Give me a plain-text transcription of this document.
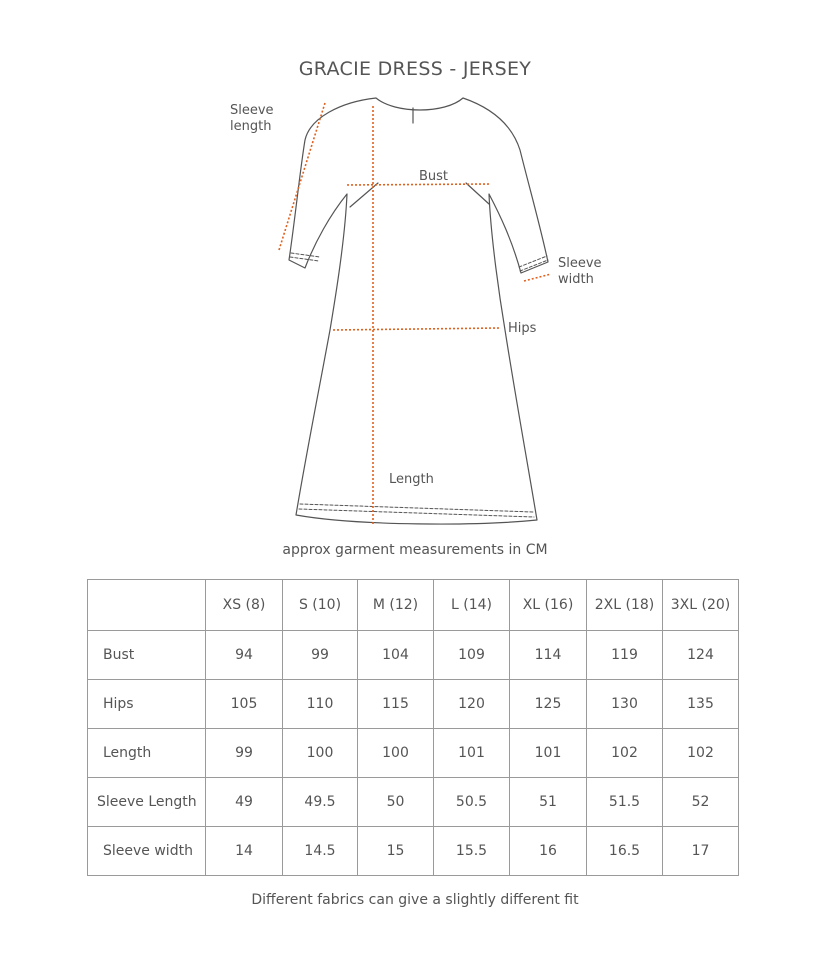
GRACIE DRESS - JERSEY
Sleeve
length
Bust
Sleeve
width
Hips
Length
approx garment measurements in CM
	XS (8)	S (10)	M (12)	L (14)	XL (16)	2XL (18)	3XL (20)
Bust	94	99	104	109	114	119	124
Hips	105	110	115	120	125	130	135
Length	99	100	100	101	101	102	102
Sleeve Length	49	49.5	50	50.5	51	51.5	52
Sleeve width	14	14.5	15	15.5	16	16.5	17
Different fabrics can give a slightly different fit
